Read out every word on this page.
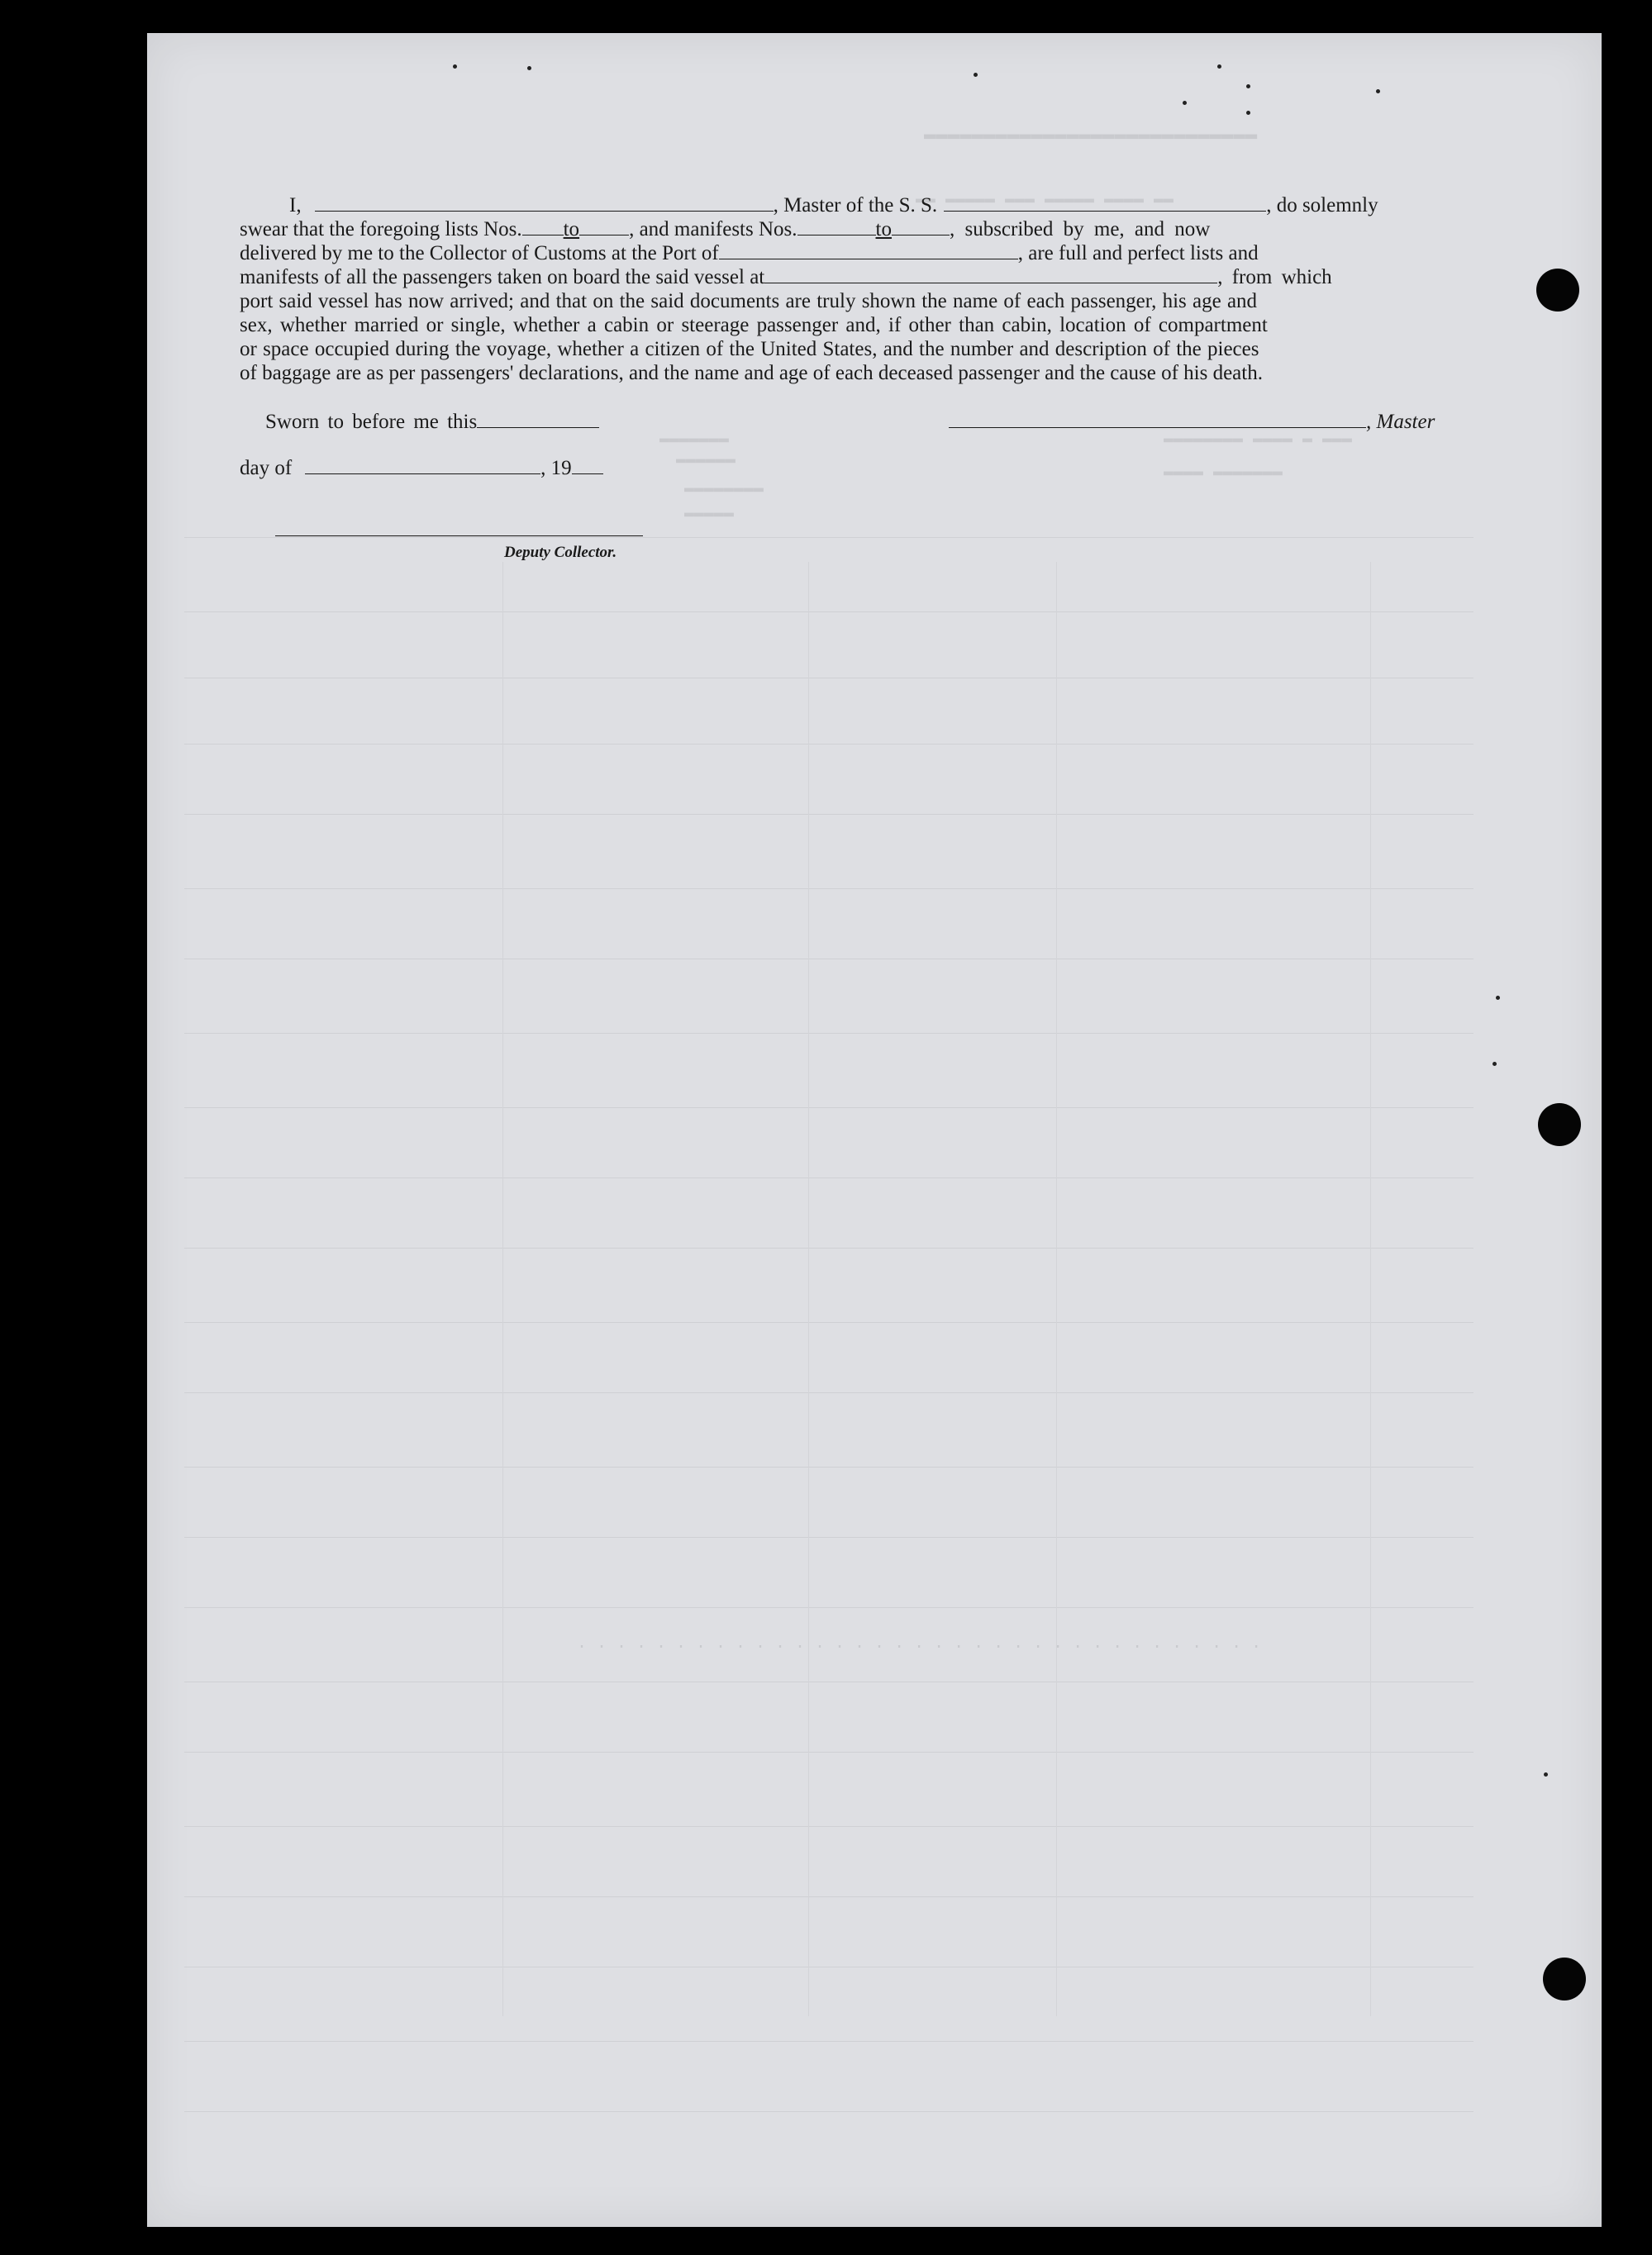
▬▬▬▬▬▬▬▬▬▬▬▬▬▬▬▬▬▬▬▬▬▬▬▬▬▬▬▬
▬▬ ▬▬▬▬▬ ▬▬▬ ▬▬▬▬▬ ▬▬▬▬ ▬▬
▬▬▬▬▬▬▬▬ ▬▬▬▬ ▬ ▬▬▬
▬▬▬▬ ▬▬▬▬▬▬▬
▬▬▬▬▬▬▬
▬▬▬▬▬▬
▬▬▬▬▬▬▬▬
▬▬▬▬▬
. . . . . . . . . . . . . . . . . . . . . . . . . . . . . . . . . . .
I,	, Master of the S. S.	, do solemnly
swear that the foregoing lists Nos. to , and manifests Nos.	to	, subscribed by me, and now
delivered by me to the Collector of Customs at the Port of	, are full and perfect lists and
manifests of all the passengers taken on board the said vessel at	, from which
port said vessel has now arrived; and that on the said documents are truly shown the name of each passenger, his age and
sex, whether married or single, whether a cabin or steerage passenger and, if other than cabin, location of compartment
or space occupied during the voyage, whether a citizen of the United States, and the number and description of the pieces
of baggage are as per passengers' declarations, and the name and age of each deceased passenger and the cause of his death.
Sworn to before me this	, Master
day of	, 19
Deputy Collector.
